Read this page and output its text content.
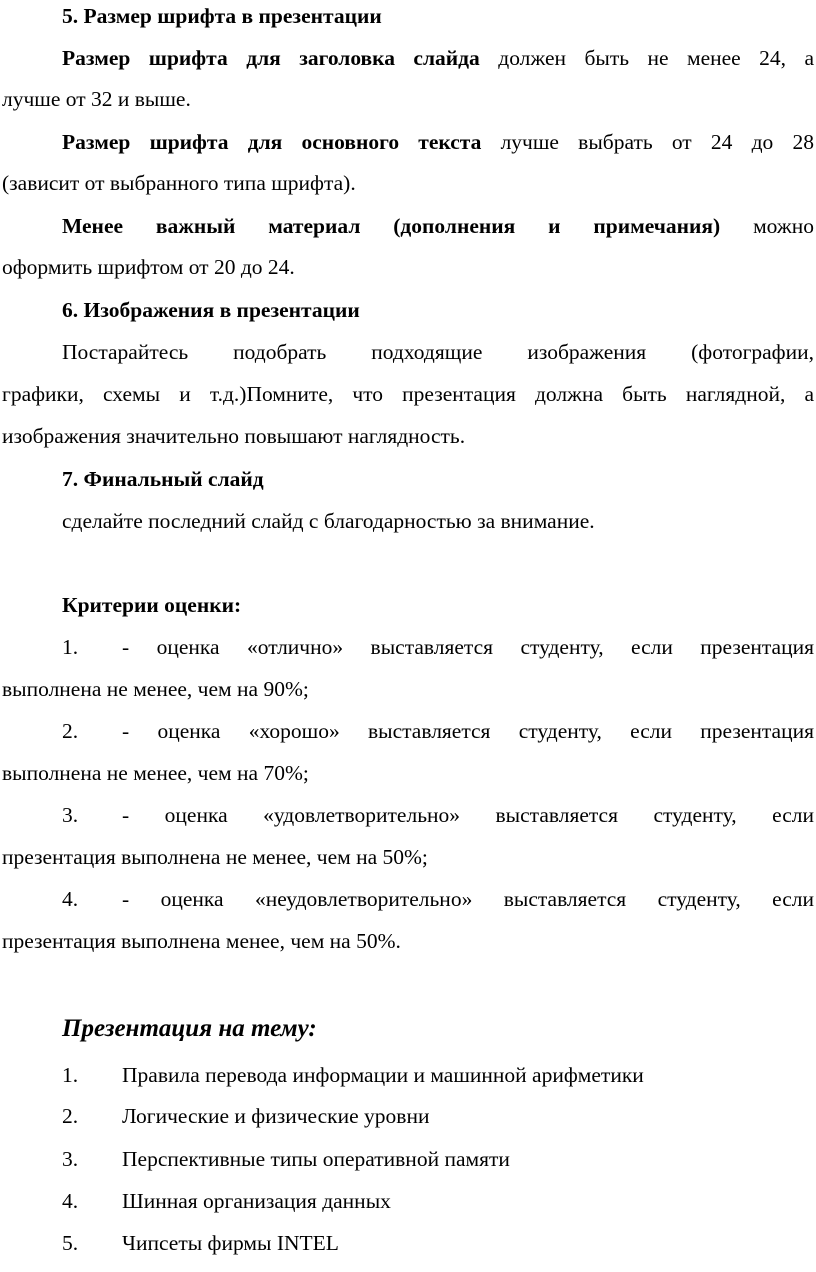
5. Размер шрифта в презентации
Размер шрифта для заголовка слайда должен быть не менее 24, а
лучше от 32 и выше.
Размер шрифта для основного текста лучше выбрать от 24 до 28
(зависит от выбранного типа шрифта).
Менее важный материал (дополнения и примечания) можно
оформить шрифтом от 20 до 24.
6. Изображения в презентации
Постарайтесь подобрать подходящие изображения (фотографии,
графики, схемы и т.д.)Помните, что презентация должна быть наглядной, а
изображения значительно повышают наглядность.
7. Финальный слайд
сделайте последний слайд с благодарностью за внимание.
Критерии оценки:
1. - оценка «отлично» выставляется студенту, если презентация
выполнена не менее, чем на 90%;
2. - оценка «хорошо» выставляется студенту, если презентация
выполнена не менее, чем на 70%;
3. - оценка «удовлетворительно» выставляется студенту, если
презентация выполнена не менее, чем на 50%;
4. - оценка «неудовлетворительно» выставляется студенту, если
презентация выполнена менее, чем на 50%.
Презентация на тему:
1. Правила перевода информации и машинной арифметики
2. Логические и физические уровни
3. Перспективные типы оперативной памяти
4. Шинная организация данных
5. Чипсеты фирмы INTEL
